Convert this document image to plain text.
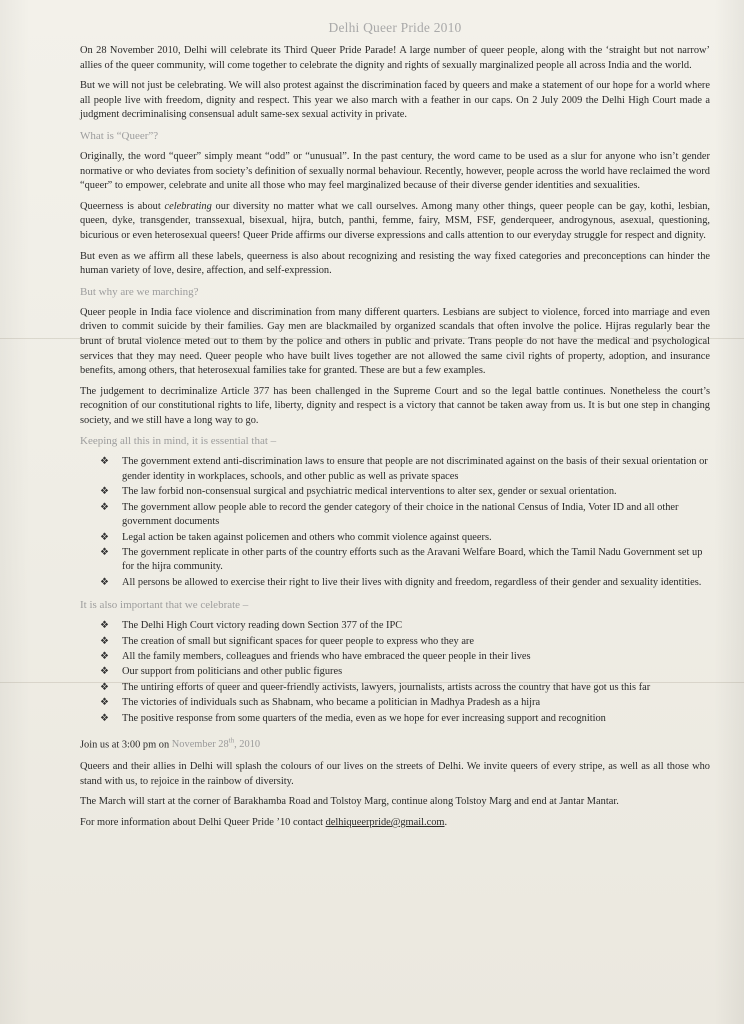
Delhi Queer Pride 2010

On 28 November 2010, Delhi will celebrate its Third Queer Pride Parade! A large number of queer people, along with the ‘straight but not narrow’ allies of the queer community, will come together to celebrate the dignity and rights of sexually marginalized people all across India and the world.

But we will not just be celebrating. We will also protest against the discrimination faced by queers and make a statement of our hope for a world where all people live with freedom, dignity and respect. This year we also march with a feather in our caps. On 2 July 2009 the Delhi High Court made a judgment decriminalising consensual adult same-sex sexual activity in private.

What is “Queer”?

Originally, the word “queer” simply meant “odd” or “unusual”. In the past century, the word came to be used as a slur for anyone who isn’t gender normative or who deviates from society’s definition of sexually normal behaviour. Recently, however, people across the world have reclaimed the word “queer” to empower, celebrate and unite all those who may feel marginalized because of their diverse gender identities and sexualities.

Queerness is about celebrating our diversity no matter what we call ourselves. Among many other things, queer people can be gay, kothi, lesbian, queen, dyke, transgender, transsexual, bisexual, hijra, butch, panthi, femme, fairy, MSM, FSF, genderqueer, androgynous, asexual, questioning, bicurious or even heterosexual queers! Queer Pride affirms our diverse expressions and calls attention to our everyday struggle for respect and dignity.

But even as we affirm all these labels, queerness is also about recognizing and resisting the way fixed categories and preconceptions can hinder the human variety of love, desire, affection, and self-expression.

But why are we marching?

Queer people in India face violence and discrimination from many different quarters. Lesbians are subject to violence, forced into marriage and even driven to commit suicide by their families. Gay men are blackmailed by organized scandals that often involve the police. Hijras regularly bear the brunt of brutal violence meted out to them by the police and others in public and private. Trans people do not have the medical and psychological services that they may need. Queer people who have built lives together are not allowed the same civil rights of property, adoption, and insurance benefits, among others, that heterosexual families take for granted. These are but a few examples.

The judgement to decriminalize Article 377 has been challenged in the Supreme Court and so the legal battle continues. Nonetheless the court’s recognition of our constitutional rights to life, liberty, dignity and respect is a victory that cannot be taken away from us. It is but one step in changing society, and we still have a long way to go.

Keeping all this in mind, it is essential that –
❖ The government extend anti-discrimination laws to ensure that people are not discriminated against on the basis of their sexual orientation or gender identity in workplaces, schools, and other public as well as private spaces
❖ The law forbid non-consensual surgical and psychiatric medical interventions to alter sex, gender or sexual orientation.
❖ The government allow people able to record the gender category of their choice in the national Census of India, Voter ID and all other government documents
❖ Legal action be taken against policemen and others who commit violence against queers.
❖ The government replicate in other parts of the country efforts such as the Aravani Welfare Board, which the Tamil Nadu Government set up for the hijra community.
❖ All persons be allowed to exercise their right to live their lives with dignity and freedom, regardless of their gender and sexuality identities.
It is also important that we celebrate –
❖ The Delhi High Court victory reading down Section 377 of the IPC
❖ The creation of small but significant spaces for queer people to express who they are
❖ All the family members, colleagues and friends who have embraced the queer people in their lives
❖ Our support from politicians and other public figures
❖ The untiring efforts of queer and queer-friendly activists, lawyers, journalists, artists across the country that have got us this far
❖ The victories of individuals such as Shabnam, who became a politician in Madhya Pradesh as a hijra
❖ The positive response from some quarters of the media, even as we hope for ever increasing support and recognition

Join us at 3:00 pm on November 28th, 2010

Queers and their allies in Delhi will splash the colours of our lives on the streets of Delhi. We invite queers of every stripe, as well as all those who stand with us, to rejoice in the rainbow of diversity.

The March will start at the corner of Barakhamba Road and Tolstoy Marg, continue along Tolstoy Marg and end at Jantar Mantar.

For more information about Delhi Queer Pride ’10 contact delhiqueerpride@gmail.com.
